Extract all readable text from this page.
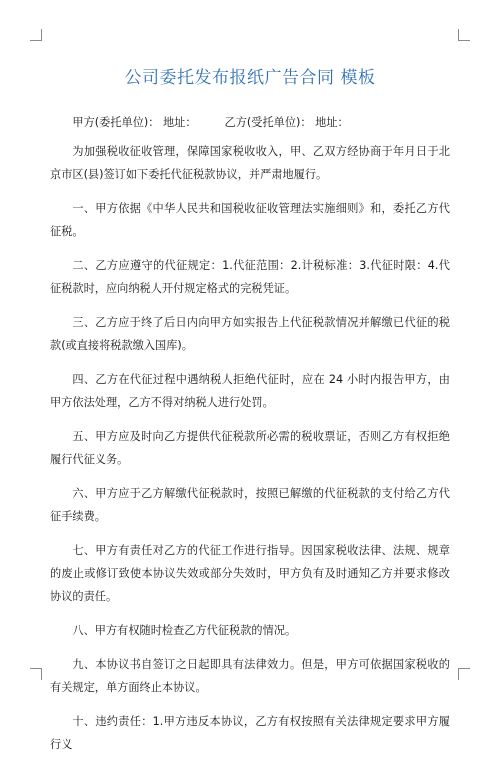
公司委托发布报纸广告合同 模板

甲方(委托单位)： 地址：　　　乙方(受托单位)： 地址：

为加强税收征收管理，保障国家税收收入，甲、乙双方经协商于年月日于北京市区(县)签订如下委托代征税款协议，并严肃地履行。

一、甲方依据《中华人民共和国税收征收管理法实施细则》和，委托乙方代征税。

二、乙方应遵守的代征规定：1.代征范围：2.计税标准：3.代征时限：4.代征税款时，应向纳税人开付规定格式的完税凭证。

三、乙方应于终了后日内向甲方如实报告上代征税款情况并解缴已代征的税款(或直接将税款缴入国库)。

四、乙方在代征过程中遇纳税人拒绝代征时，应在 24 小时内报告甲方，由甲方依法处理，乙方不得对纳税人进行处罚。

五、甲方应及时向乙方提供代征税款所必需的税收票证，否则乙方有权拒绝履行代征义务。

六、甲方应于乙方解缴代征税款时，按照已解缴的代征税款的支付给乙方代征手续费。

七、甲方有责任对乙方的代征工作进行指导。因国家税收法律、法规、规章的废止或修订致使本协议失效或部分失效时，甲方负有及时通知乙方并要求修改协议的责任。

八、甲方有权随时检查乙方代征税款的情况。

九、本协议书自签订之日起即具有法律效力。但是，甲方可依据国家税收的有关规定，单方面终止本协议。

十、违约责任：1.甲方违反本协议，乙方有权按照有关法律规定要求甲方履行义
